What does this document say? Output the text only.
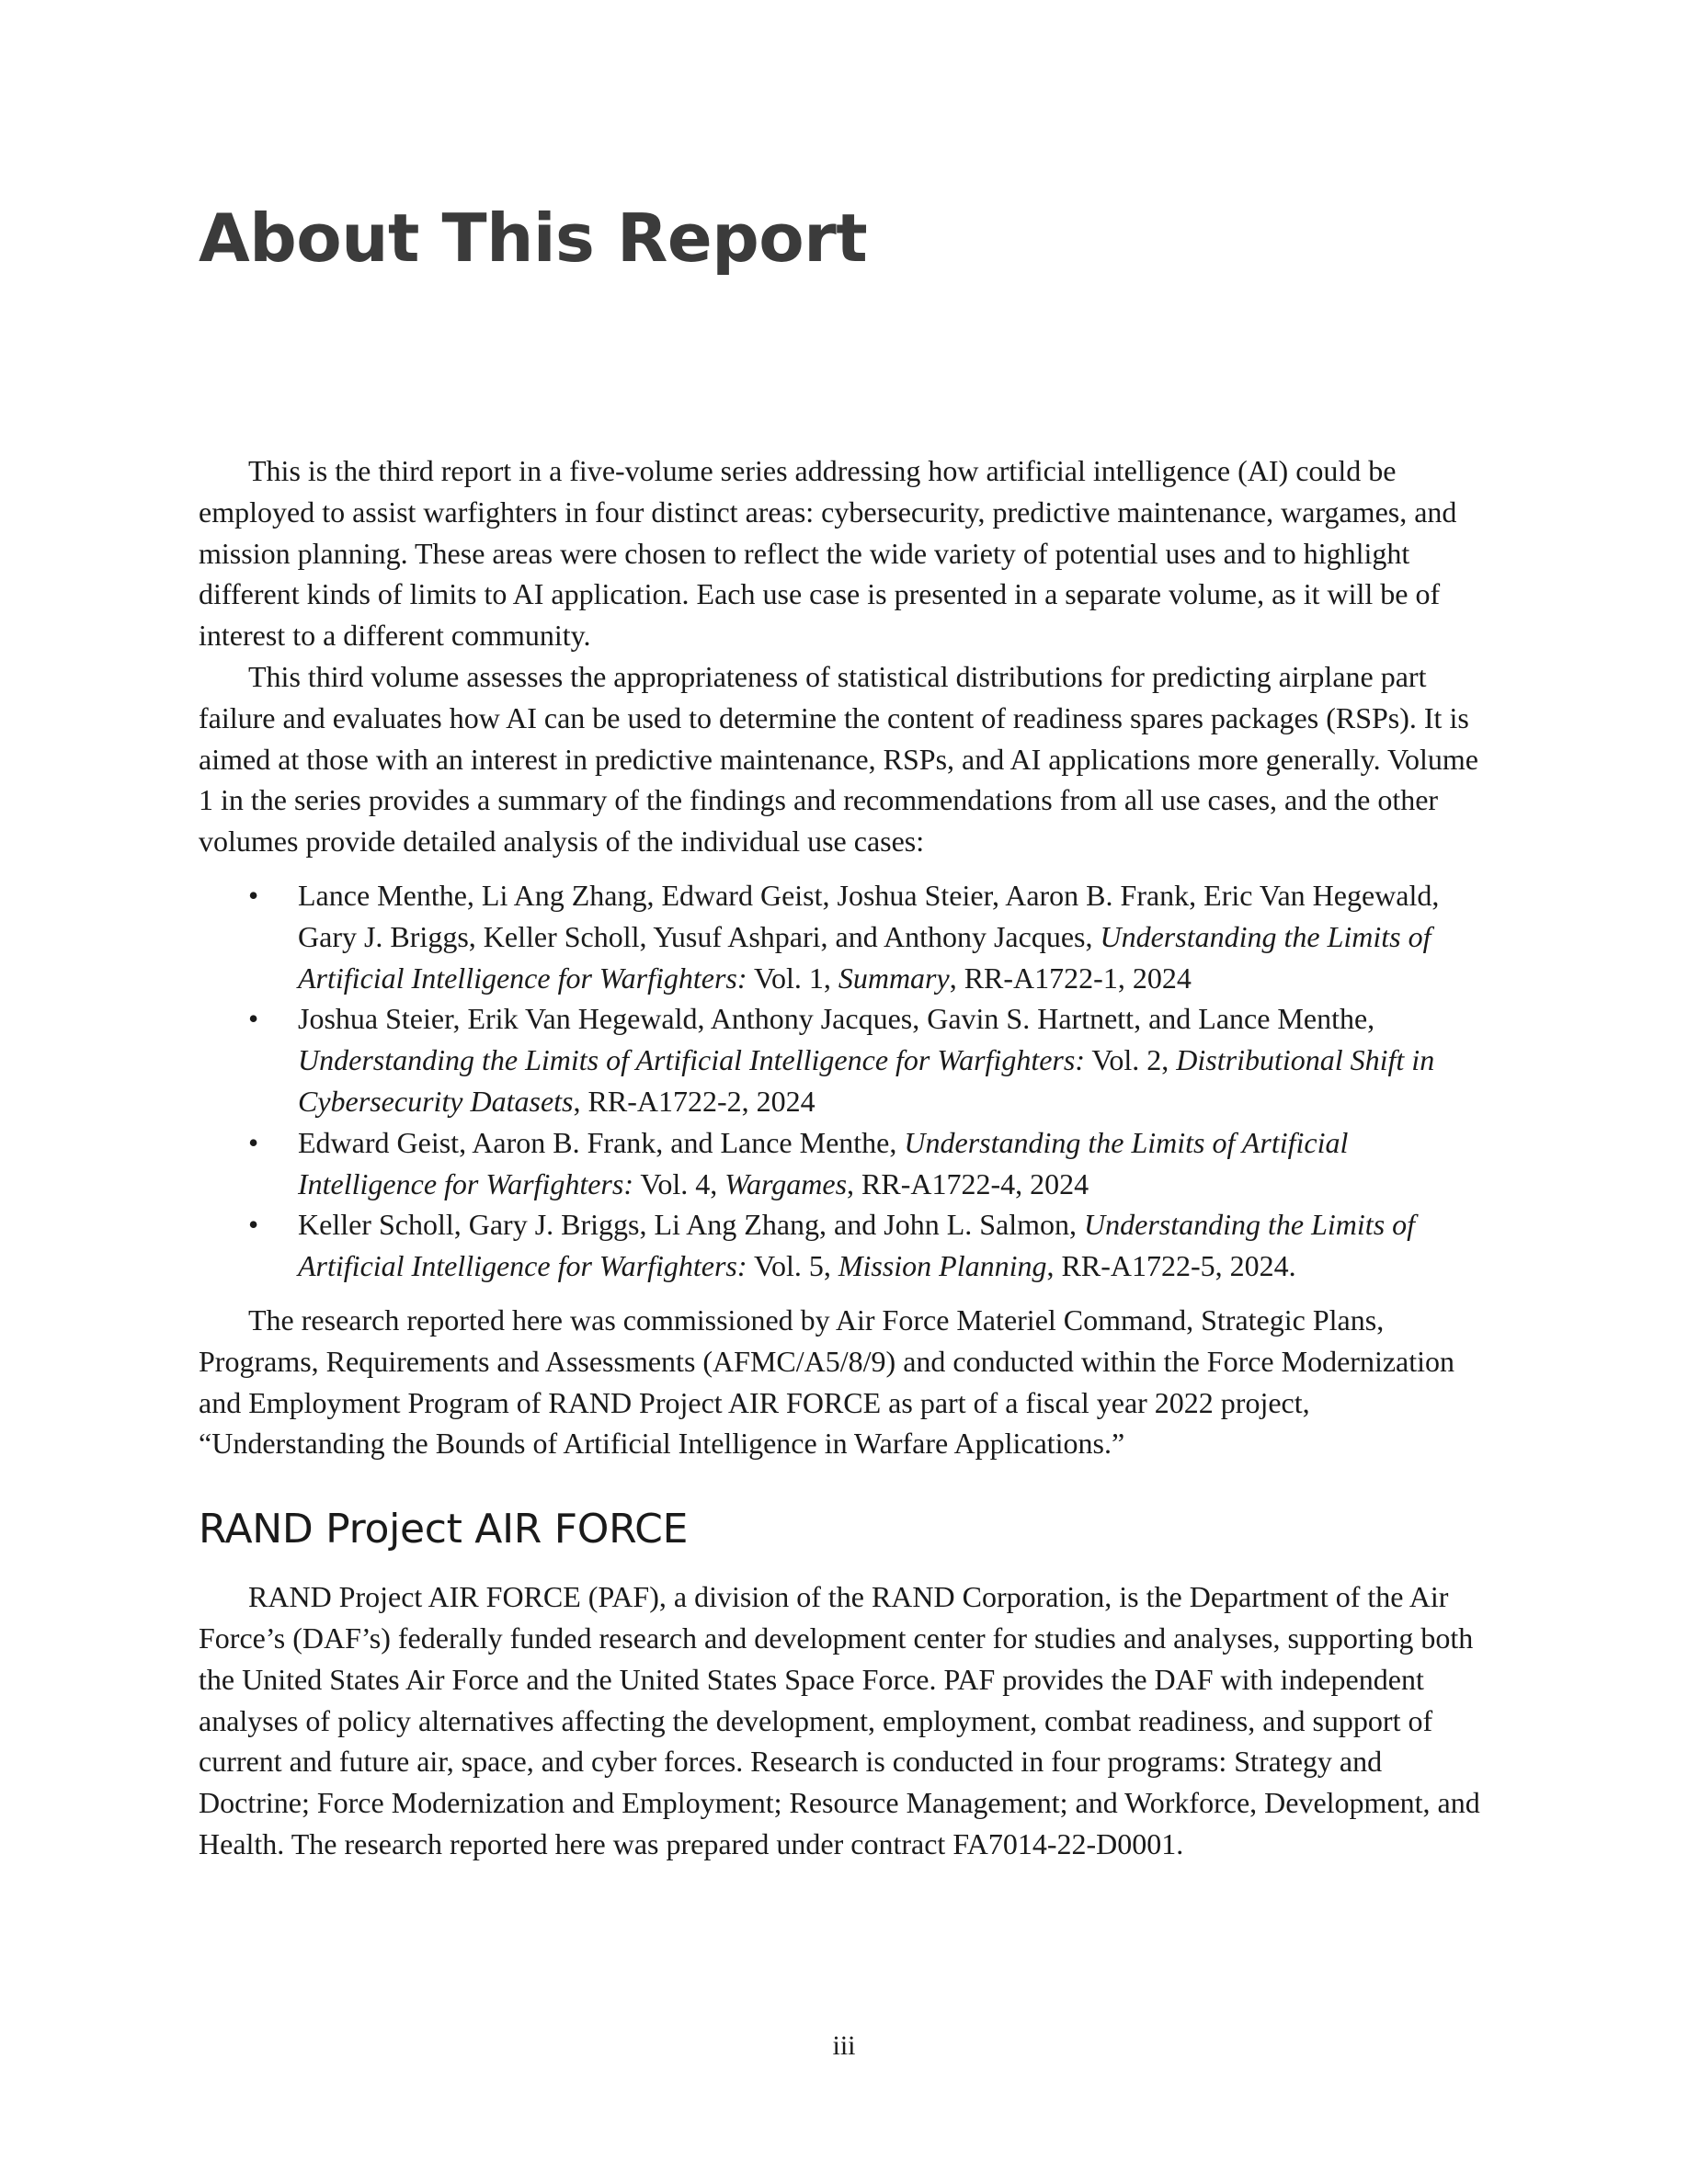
About This Report

This is the third report in a five-volume series addressing how artificial intelligence (AI) could be employed to assist warfighters in four distinct areas: cybersecurity, predictive maintenance, wargames, and mission planning. These areas were chosen to reflect the wide variety of potential uses and to highlight different kinds of limits to AI application. Each use case is presented in a separate volume, as it will be of interest to a different community.

This third volume assesses the appropriateness of statistical distributions for predicting airplane part failure and evaluates how AI can be used to determine the content of readiness spares packages (RSPs). It is aimed at those with an interest in predictive maintenance, RSPs, and AI applications more generally. Volume 1 in the series provides a summary of the findings and recommendations from all use cases, and the other volumes provide detailed analysis of the individual use cases:

• Lance Menthe, Li Ang Zhang, Edward Geist, Joshua Steier, Aaron B. Frank, Eric Van Hegewald, Gary J. Briggs, Keller Scholl, Yusuf Ashpari, and Anthony Jacques, Understanding the Limits of Artificial Intelligence for Warfighters: Vol. 1, Summary, RR-A1722-1, 2024
• Joshua Steier, Erik Van Hegewald, Anthony Jacques, Gavin S. Hartnett, and Lance Menthe, Understanding the Limits of Artificial Intelligence for Warfighters: Vol. 2, Distributional Shift in Cybersecurity Datasets, RR-A1722-2, 2024
• Edward Geist, Aaron B. Frank, and Lance Menthe, Understanding the Limits of Artificial Intelligence for Warfighters: Vol. 4, Wargames, RR-A1722-4, 2024
• Keller Scholl, Gary J. Briggs, Li Ang Zhang, and John L. Salmon, Understanding the Limits of Artificial Intelligence for Warfighters: Vol. 5, Mission Planning, RR-A1722-5, 2024.

The research reported here was commissioned by Air Force Materiel Command, Strategic Plans, Programs, Requirements and Assessments (AFMC/A5/8/9) and conducted within the Force Modernization and Employment Program of RAND Project AIR FORCE as part of a fiscal year 2022 project, “Understanding the Bounds of Artificial Intelligence in Warfare Applications.”

RAND Project AIR FORCE

RAND Project AIR FORCE (PAF), a division of the RAND Corporation, is the Department of the Air Force’s (DAF’s) federally funded research and development center for studies and analyses, supporting both the United States Air Force and the United States Space Force. PAF provides the DAF with independent analyses of policy alternatives affecting the development, employment, combat readiness, and support of current and future air, space, and cyber forces. Research is conducted in four programs: Strategy and Doctrine; Force Modernization and Employment; Resource Management; and Workforce, Development, and Health. The research reported here was prepared under contract FA7014-22-D0001.

iii
